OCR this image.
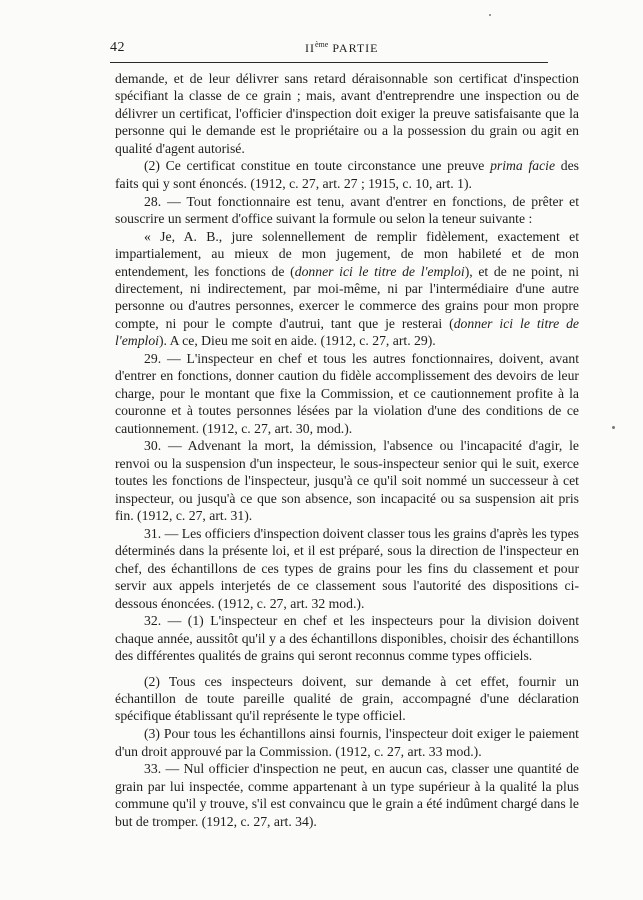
42	IIème PARTIE

demande, et de leur délivrer sans retard déraisonnable son certificat d'inspection spécifiant la classe de ce grain ; mais, avant d'entreprendre une inspection ou de délivrer un certificat, l'officier d'inspection doit exiger la preuve satisfaisante que la personne qui le demande est le propriétaire ou a la possession du grain ou agit en qualité d'agent autorisé.

(2) Ce certificat constitue en toute circonstance une preuve prima facie des faits qui y sont énoncés. (1912, c. 27, art. 27 ; 1915, c. 10, art. 1).

28. — Tout fonctionnaire est tenu, avant d'entrer en fonctions, de prêter et souscrire un serment d'office suivant la formule ou selon la teneur suivante :

« Je, A. B., jure solennellement de remplir fidèlement, exactement et impartialement, au mieux de mon jugement, de mon habileté et de mon entendement, les fonctions de (donner ici le titre de l'emploi), et de ne point, ni directement, ni indirectement, par moi-même, ni par l'intermédiaire d'une autre personne ou d'autres personnes, exercer le commerce des grains pour mon propre compte, ni pour le compte d'autrui, tant que je resterai (donner ici le titre de l'emploi). A ce, Dieu me soit en aide. (1912, c. 27, art. 29).

29. — L'inspecteur en chef et tous les autres fonctionnaires, doivent, avant d'entrer en fonctions, donner caution du fidèle accomplissement des devoirs de leur charge, pour le montant que fixe la Commission, et ce cautionnement profite à la couronne et à toutes personnes lésées par la violation d'une des conditions de ce cautionnement. (1912, c. 27, art. 30, mod.).

30. — Advenant la mort, la démission, l'absence ou l'incapacité d'agir, le renvoi ou la suspension d'un inspecteur, le sous-inspecteur senior qui le suit, exerce toutes les fonctions de l'inspecteur, jusqu'à ce qu'il soit nommé un successeur à cet inspecteur, ou jusqu'à ce que son absence, son incapacité ou sa suspension ait pris fin. (1912, c. 27, art. 31).

31. — Les officiers d'inspection doivent classer tous les grains d'après les types déterminés dans la présente loi, et il est préparé, sous la direction de l'inspecteur en chef, des échantillons de ces types de grains pour les fins du classement et pour servir aux appels interjetés de ce classement sous l'autorité des dispositions ci-dessous énoncées. (1912, c. 27, art. 32 mod.).

32. — (1) L'inspecteur en chef et les inspecteurs pour la division doivent chaque année, aussitôt qu'il y a des échantillons disponibles, choisir des échantillons des différentes qualités de grains qui seront reconnus comme types officiels.

(2) Tous ces inspecteurs doivent, sur demande à cet effet, fournir un échantillon de toute pareille qualité de grain, accompagné d'une déclaration spécifique établissant qu'il représente le type officiel.

(3) Pour tous les échantillons ainsi fournis, l'inspecteur doit exiger le paiement d'un droit approuvé par la Commission. (1912, c. 27, art. 33 mod.).

33. — Nul officier d'inspection ne peut, en aucun cas, classer une quantité de grain par lui inspectée, comme appartenant à un type supérieur à la qualité la plus commune qu'il y trouve, s'il est convaincu que le grain a été indûment chargé dans le but de tromper. (1912, c. 27, art. 34).
